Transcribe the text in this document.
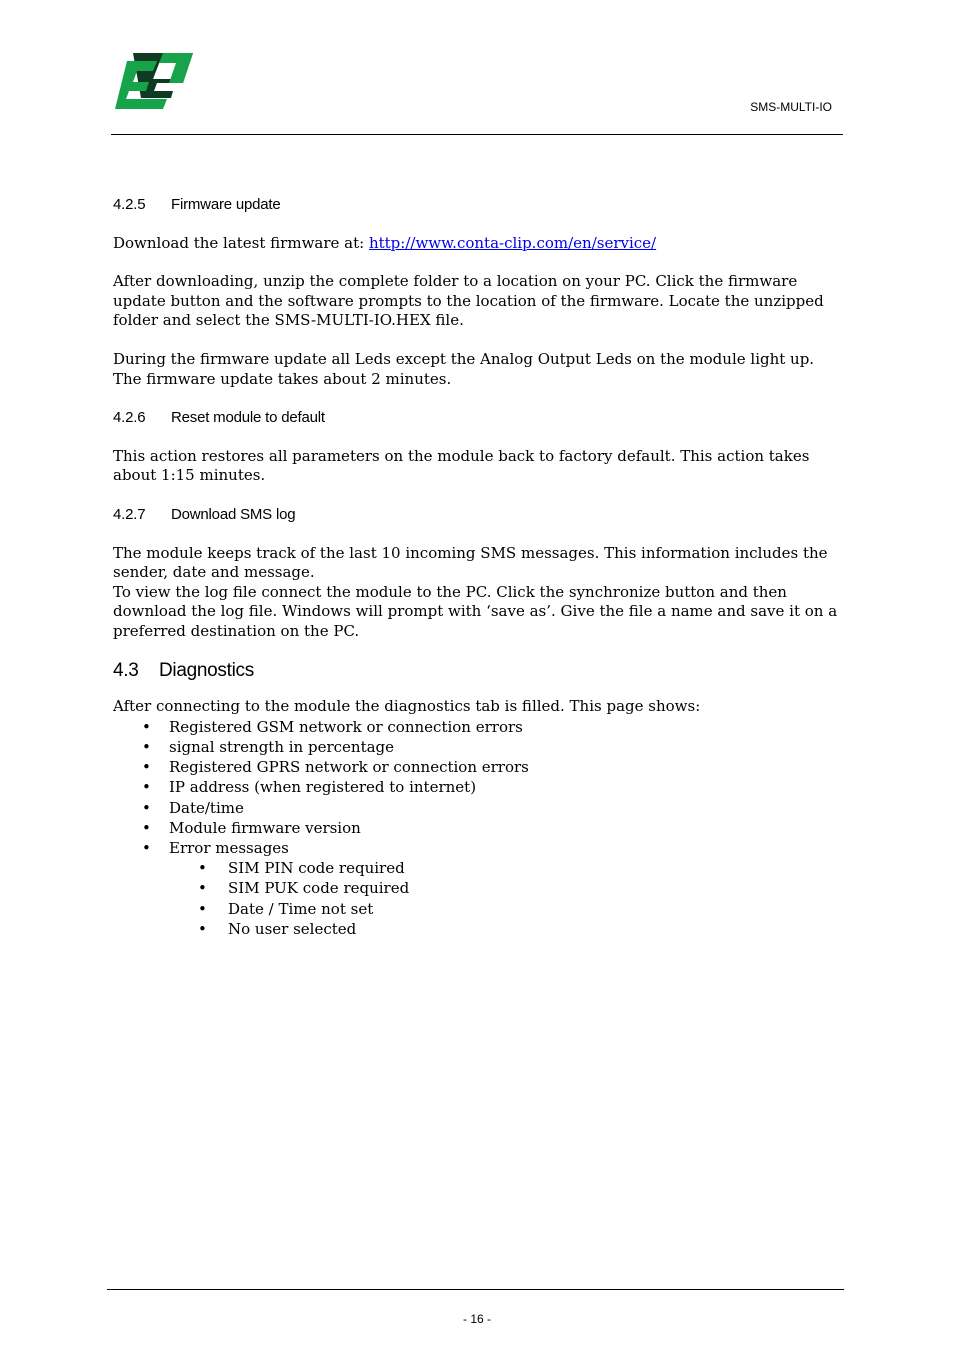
SMS-MULTI-IO
4.2.5	Firmware update

Download the latest firmware at: http://www.conta-clip.com/en/service/

After downloading, unzip the complete folder to a location on your PC. Click the firmware update button and the software prompts to the location of the firmware. Locate the unzipped folder and select the SMS-MULTI-IO.HEX file.

During the firmware update all Leds except the Analog Output Leds on the module light up. The firmware update takes about 2 minutes.

4.2.6	Reset module to default

This action restores all parameters on the module back to factory default. This action takes about 1:15 minutes.

4.2.7	Download SMS log

The module keeps track of the last 10 incoming SMS messages. This information includes the sender, date and message.

To view the log file connect the module to the PC. Click the synchronize button and then download the log file. Windows will prompt with ‘save as’. Give the file a name and save it on a preferred destination on the PC.

4.3	Diagnostics

After connecting to the module the diagnostics tab is filled. This page shows:

• Registered GSM network or connection errors
• signal strength in percentage
• Registered GPRS network or connection errors
• IP address (when registered to internet)
• Date/time
• Module firmware version
• Error messages
• SIM PIN code required
• SIM PUK code required
• Date / Time not set
• No user selected
- 16 -
